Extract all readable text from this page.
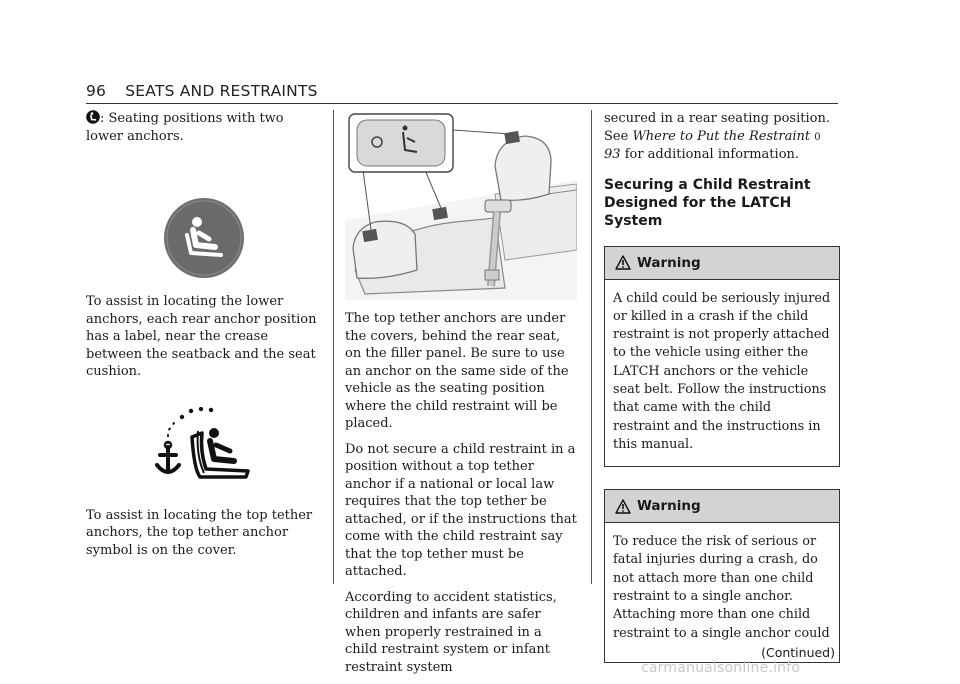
96 SEATS AND RESTRAINTS

: Seating positions with two lower anchors.

To assist in locating the lower anchors, each rear anchor position has a label, near the crease between the seatback and the seat cushion.

To assist in locating the top tether anchors, the top tether anchor symbol is on the cover.

The top tether anchors are under the covers, behind the rear seat, on the filler panel. Be sure to use an anchor on the same side of the vehicle as the seating position where the child restraint will be placed.

Do not secure a child restraint in a position without a top tether anchor if a national or local law requires that the top tether be attached, or if the instructions that come with the child restraint say that the top tether must be attached.

According to accident statistics, children and infants are safer when properly restrained in a child restraint system or infant restraint system

secured in a rear seating position. See Where to Put the Restraint 0 93 for additional information.

Securing a Child Restraint Designed for the LATCH System
Warning

A child could be seriously injured or killed in a crash if the child restraint is not properly attached to the vehicle using either the LATCH anchors or the vehicle seat belt. Follow the instructions that came with the child restraint and the instructions in this manual.

Warning

To reduce the risk of serious or fatal injuries during a crash, do not attach more than one child restraint to a single anchor. Attaching more than one child restraint to a single anchor could

(Continued)
carmanualsonline.info
